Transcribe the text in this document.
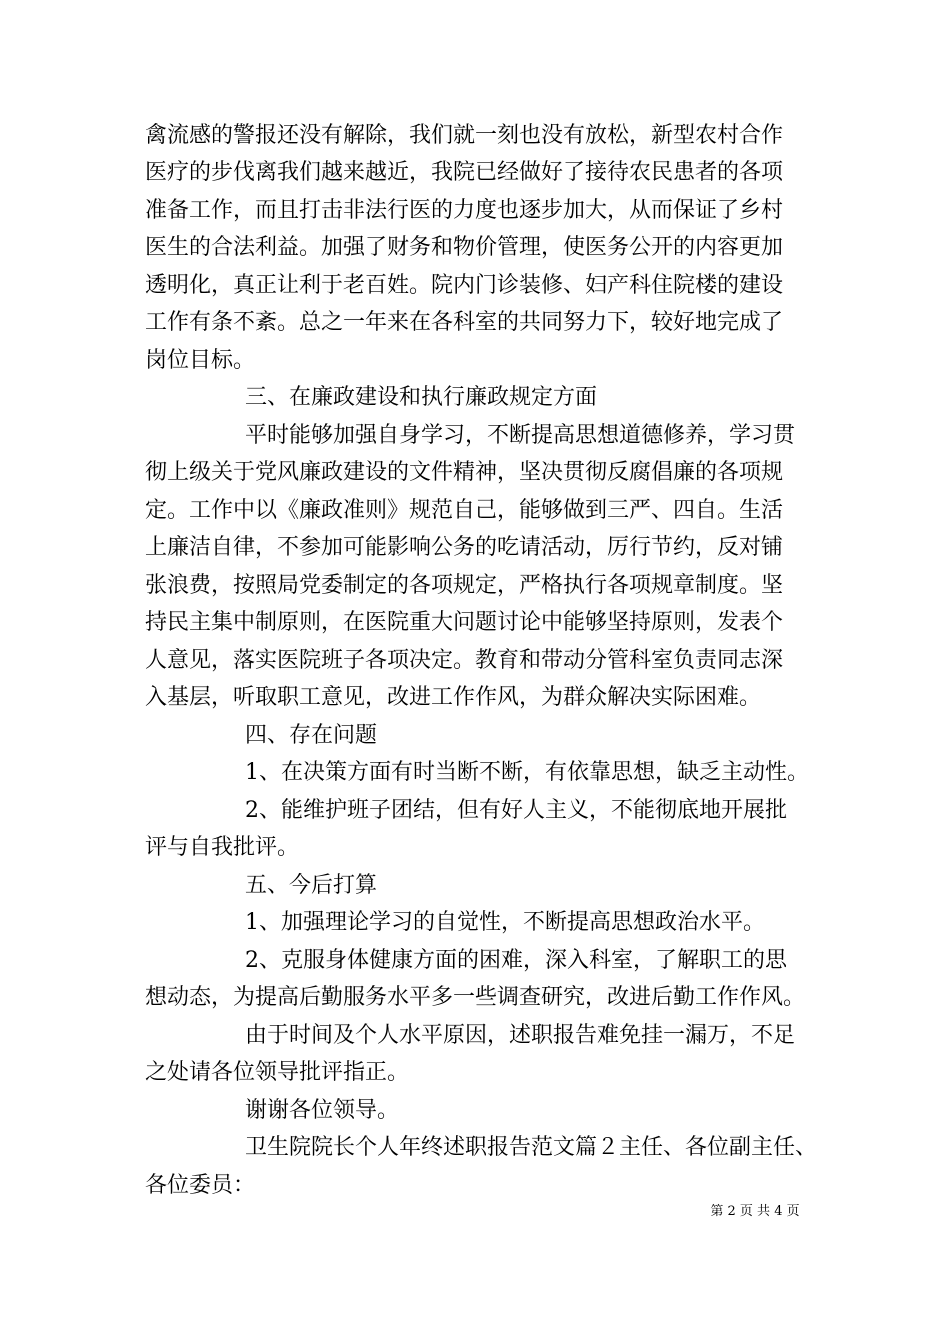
禽流感的警报还没有解除，我们就一刻也没有放松，新型农村合作
医疗的步伐离我们越来越近，我院已经做好了接待农民患者的各项
准备工作，而且打击非法行医的力度也逐步加大，从而保证了乡村
医生的合法利益。加强了财务和物价管理，使医务公开的内容更加
透明化，真正让利于老百姓。院内门诊装修、妇产科住院楼的建设
工作有条不紊。总之一年来在各科室的共同努力下，较好地完成了
岗位目标。
三、在廉政建设和执行廉政规定方面
平时能够加强自身学习，不断提高思想道德修养，学习贯
彻上级关于党风廉政建设的文件精神，坚决贯彻反腐倡廉的各项规
定。工作中以《廉政准则》规范自己，能够做到三严、四自。生活
上廉洁自律，不参加可能影响公务的吃请活动，厉行节约，反对铺
张浪费，按照局党委制定的各项规定，严格执行各项规章制度。坚
持民主集中制原则，在医院重大问题讨论中能够坚持原则，发表个
人意见，落实医院班子各项决定。教育和带动分管科室负责同志深
入基层，听取职工意见，改进工作作风，为群众解决实际困难。
四、存在问题
1、在决策方面有时当断不断，有依靠思想，缺乏主动性。
2、能维护班子团结，但有好人主义，不能彻底地开展批
评与自我批评。
五、今后打算
1、加强理论学习的自觉性，不断提高思想政治水平。
2、克服身体健康方面的困难，深入科室，了解职工的思
想动态，为提高后勤服务水平多一些调查研究，改进后勤工作作风。
由于时间及个人水平原因，述职报告难免挂一漏万，不足
之处请各位领导批评指正。
谢谢各位领导。
卫生院院长个人年终述职报告范文篇２主任、各位副主任、
各位委员：
第 2 页 共 4 页
